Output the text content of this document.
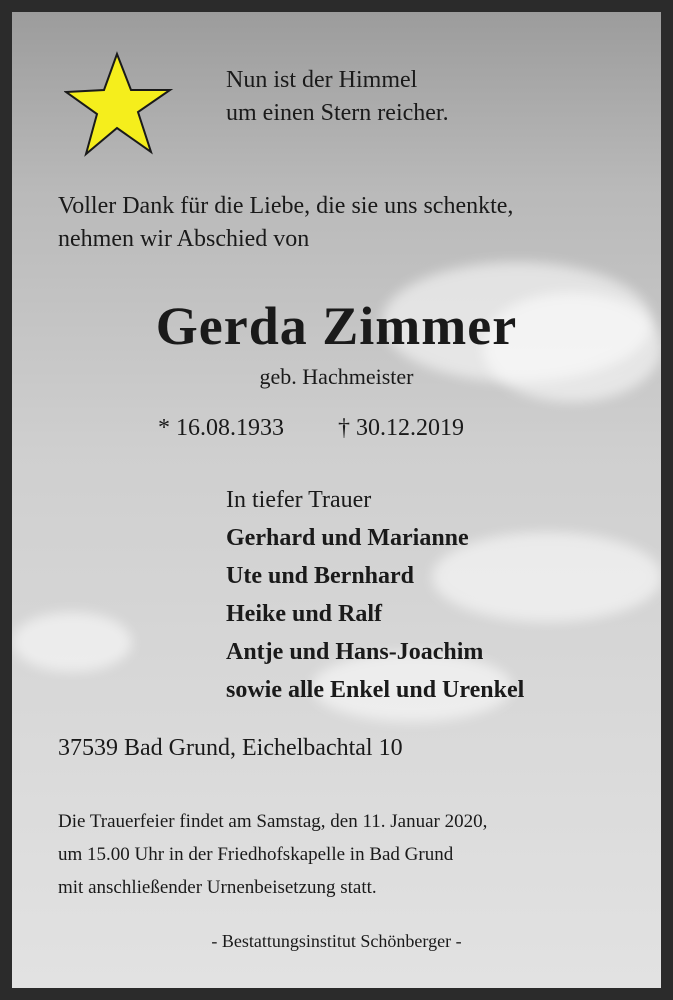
Nun ist der Himmel
um einen Stern reicher.
Voller Dank für die Liebe, die sie uns schenkte,
nehmen wir Abschied von
Gerda Zimmer
geb. Hachmeister
* 16.08.1933 † 30.12.2019
In tiefer Trauer
Gerhard und Marianne
Ute und Bernhard
Heike und Ralf
Antje und Hans-Joachim
sowie alle Enkel und Urenkel
37539 Bad Grund, Eichelbachtal 10
Die Trauerfeier findet am Samstag, den 11. Januar 2020,
um 15.00 Uhr in der Friedhofskapelle in Bad Grund
mit anschließender Urnenbeisetzung statt.
- Bestattungsinstitut Schönberger -
